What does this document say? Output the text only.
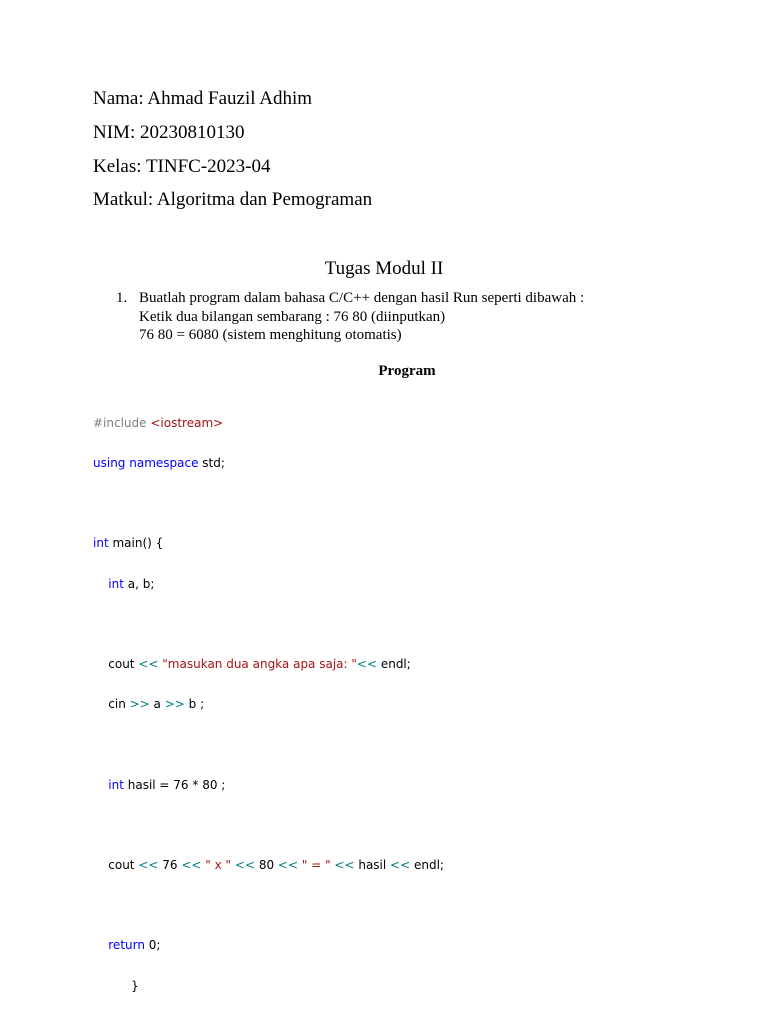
Nama: Ahmad Fauzil Adhim
NIM: 20230810130
Kelas: TINFC-2023-04
Matkul: Algoritma dan Pemograman
Tugas Modul II
1. Buatlah program dalam bahasa C/C++ dengan hasil Run seperti dibawah :
Ketik dua bilangan sembarang : 76 80 (diinputkan)
76 80 = 6080 (sistem menghitung otomatis)
Program

#include <iostream>

using namespace std;

int main() {

int a, b;

cout << "masukan dua angka apa saja: "<< endl;

cin >> a >> b ;

int hasil = 76 * 80 ;

cout << 76 << " x " << 80 << " = " << hasil << endl;

return 0;

}
